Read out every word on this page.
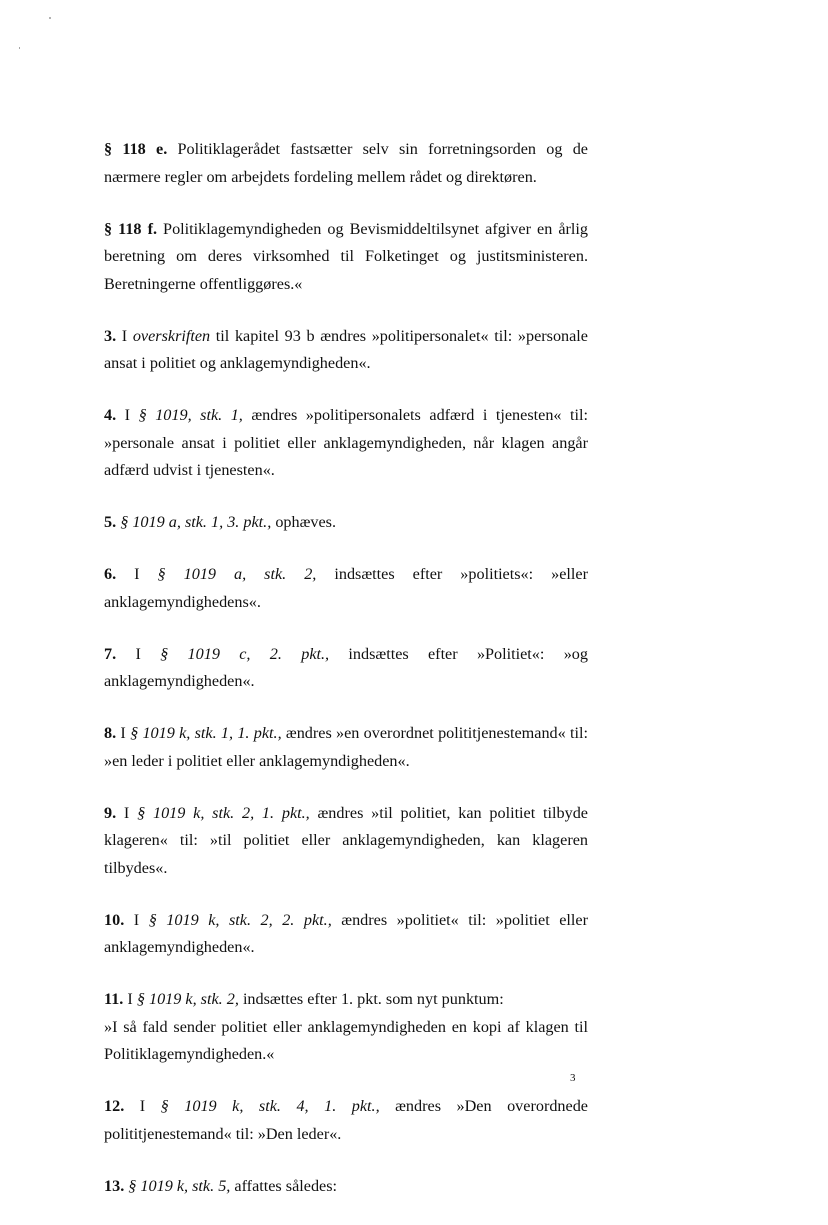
§ 118 e. Politiklagerådet fastsætter selv sin forretningsorden og de nærmere regler om arbejdets fordeling mellem rådet og direktøren.

§ 118 f. Politiklagemyndigheden og Bevismiddeltilsynet afgiver en årlig beretning om deres virksomhed til Folketinget og justitsministeren. Beretningerne offentliggøres.«

3. I overskriften til kapitel 93 b ændres »politipersonalet« til: »personale ansat i politiet og anklagemyndigheden«.

4. I § 1019, stk. 1, ændres »politipersonalets adfærd i tjenesten« til: »personale ansat i politiet eller anklagemyndigheden, når klagen angår adfærd udvist i tjenesten«.

5. § 1019 a, stk. 1, 3. pkt., ophæves.

6. I § 1019 a, stk. 2, indsættes efter »politiets«: »eller anklagemyndighedens«.

7. I § 1019 c, 2. pkt., indsættes efter »Politiet«: »og anklagemyndigheden«.

8. I § 1019 k, stk. 1, 1. pkt., ændres »en overordnet polititjenestemand« til: »en leder i politiet eller anklagemyndigheden«.

9. I § 1019 k, stk. 2, 1. pkt., ændres »til politiet, kan politiet tilbyde klageren« til: »til politiet eller anklagemyndigheden, kan klageren tilbydes«.

10. I § 1019 k, stk. 2, 2. pkt., ændres »politiet« til: »politiet eller anklagemyndigheden«.

11. I § 1019 k, stk. 2, indsættes efter 1. pkt. som nyt punktum:
»I så fald sender politiet eller anklagemyndigheden en kopi af klagen til Politiklagemyndigheden.«

12. I § 1019 k, stk. 4, 1. pkt., ændres »Den overordnede polititjenestemand« til: »Den leder«.

13. § 1019 k, stk. 5, affattes således:

3
